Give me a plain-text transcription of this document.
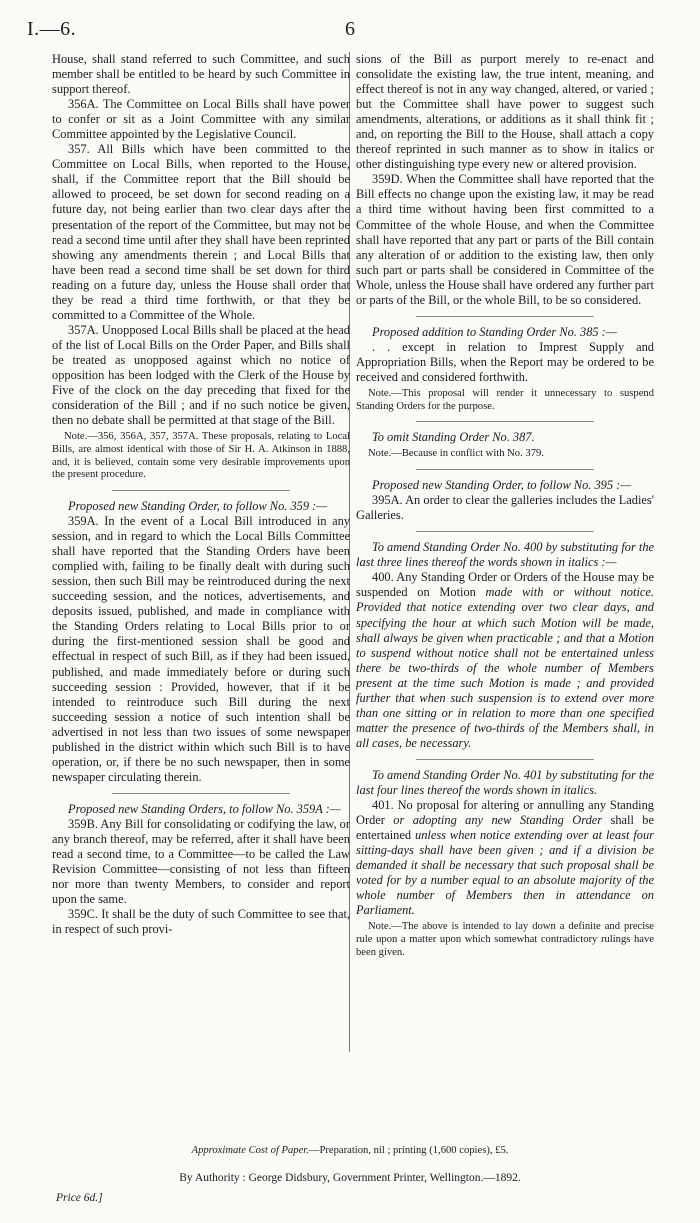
I.—6.	6

House, shall stand referred to such Committee, and such member shall be entitled to be heard by such Committee in support thereof.

356A. The Committee on Local Bills shall have power to confer or sit as a Joint Committee with any similar Committee appointed by the Legislative Council.

357. All Bills which have been committed to the Committee on Local Bills, when reported to the House, shall, if the Committee report that the Bill should be allowed to proceed, be set down for second reading on a future day, not being earlier than two clear days after the presentation of the report of the Committee, but may not be read a second time until after they shall have been reprinted showing any amendments therein ; and Local Bills that have been read a second time shall be set down for third reading on a future day, unless the House shall order that they be read a third time forthwith, or that they be committed to a Committee of the Whole.

357A. Unopposed Local Bills shall be placed at the head of the list of Local Bills on the Order Paper, and Bills shall be treated as unopposed against which no notice of opposition has been lodged with the Clerk of the House by Five of the clock on the day preceding that fixed for the consideration of the Bill ; and if no such notice be given, then no debate shall be permitted at that stage of the Bill.

Note.—356, 356A, 357, 357A. These proposals, relating to Local Bills, are almost identical with those of Sir H. A. Atkinson in 1888, and, it is believed, contain some very desirable improvements upon the present procedure.

Proposed new Standing Order, to follow No. 359 :—

359A. In the event of a Local Bill introduced in any session, and in regard to which the Local Bills Committee shall have reported that the Standing Orders have been complied with, failing to be finally dealt with during such session, then such Bill may be reintroduced during the next succeeding session, and the notices, advertisements, and deposits issued, published, and made in compliance with the Standing Orders relating to Local Bills prior to or during the first-mentioned session shall be good and effectual in respect of such Bill, as if they had been issued, published, and made immediately before or during such succeeding session : Provided, however, that if it be intended to reintroduce such Bill during the next succeeding session a notice of such intention shall be advertised in not less than two issues of some newspaper published in the district within which such Bill is to have operation, or, if there be no such newspaper, then in some newspaper circulating therein.

Proposed new Standing Orders, to follow No. 359A :—

359B. Any Bill for consolidating or codifying the law, or any branch thereof, may be referred, after it shall have been read a second time, to a Committee—to be called the Law Revision Committee—consisting of not less than fifteen nor more than twenty Members, to consider and report upon the same.

359C. It shall be the duty of such Committee to see that, in respect of such provi-

sions of the Bill as purport merely to re-enact and consolidate the existing law, the true intent, meaning, and effect thereof is not in any way changed, altered, or varied ; but the Committee shall have power to suggest such amendments, alterations, or additions as it shall think fit ; and, on reporting the Bill to the House, shall attach a copy thereof reprinted in such manner as to show in italics or other distinguishing type every new or altered provision.

359D. When the Committee shall have reported that the Bill effects no change upon the existing law, it may be read a third time without having been first committed to a Committee of the whole House, and when the Committee shall have reported that any part or parts of the Bill contain any alteration of or addition to the existing law, then only such part or parts shall be considered in Committee of the Whole, unless the House shall have ordered any further part or parts of the Bill, or the whole Bill, to be so considered.

Proposed addition to Standing Order No. 385 :—

. . except in relation to Imprest Supply and Appropriation Bills, when the Report may be ordered to be received and considered forthwith.

Note.—This proposal will render it unnecessary to suspend Standing Orders for the purpose.

To omit Standing Order No. 387.

Note.—Because in conflict with No. 379.

Proposed new Standing Order, to follow No. 395 :—

395A. An order to clear the galleries includes the Ladies' Galleries.

To amend Standing Order No. 400 by substituting for the last three lines thereof the words shown in italics :—

400. Any Standing Order or Orders of the House may be suspended on Motion made with or without notice. Provided that notice extending over two clear days, and specifying the hour at which such Motion will be made, shall always be given when practicable ; and that a Motion to suspend without notice shall not be entertained unless there be two-thirds of the whole number of Members present at the time such Motion is made ; and provided further that when such suspension is to extend over more than one sitting or in relation to more than one specified matter the presence of two-thirds of the Members shall, in all cases, be necessary.

To amend Standing Order No. 401 by substituting for the last four lines thereof the words shown in italics.

401. No proposal for altering or annulling any Standing Order or adopting any new Standing Order shall be entertained unless when notice extending over at least four sitting-days shall have been given ; and if a division be demanded it shall be necessary that such proposal shall be voted for by a number equal to an absolute majority of the whole number of Members then in attendance on Parliament.

Note.—The above is intended to lay down a definite and precise rule upon a matter upon which somewhat contradictory rulings have been given.

Approximate Cost of Paper.—Preparation, nil ; printing (1,600 copies), £5.
By Authority : George Didsbury, Government Printer, Wellington.—1892.
Price 6d.]
